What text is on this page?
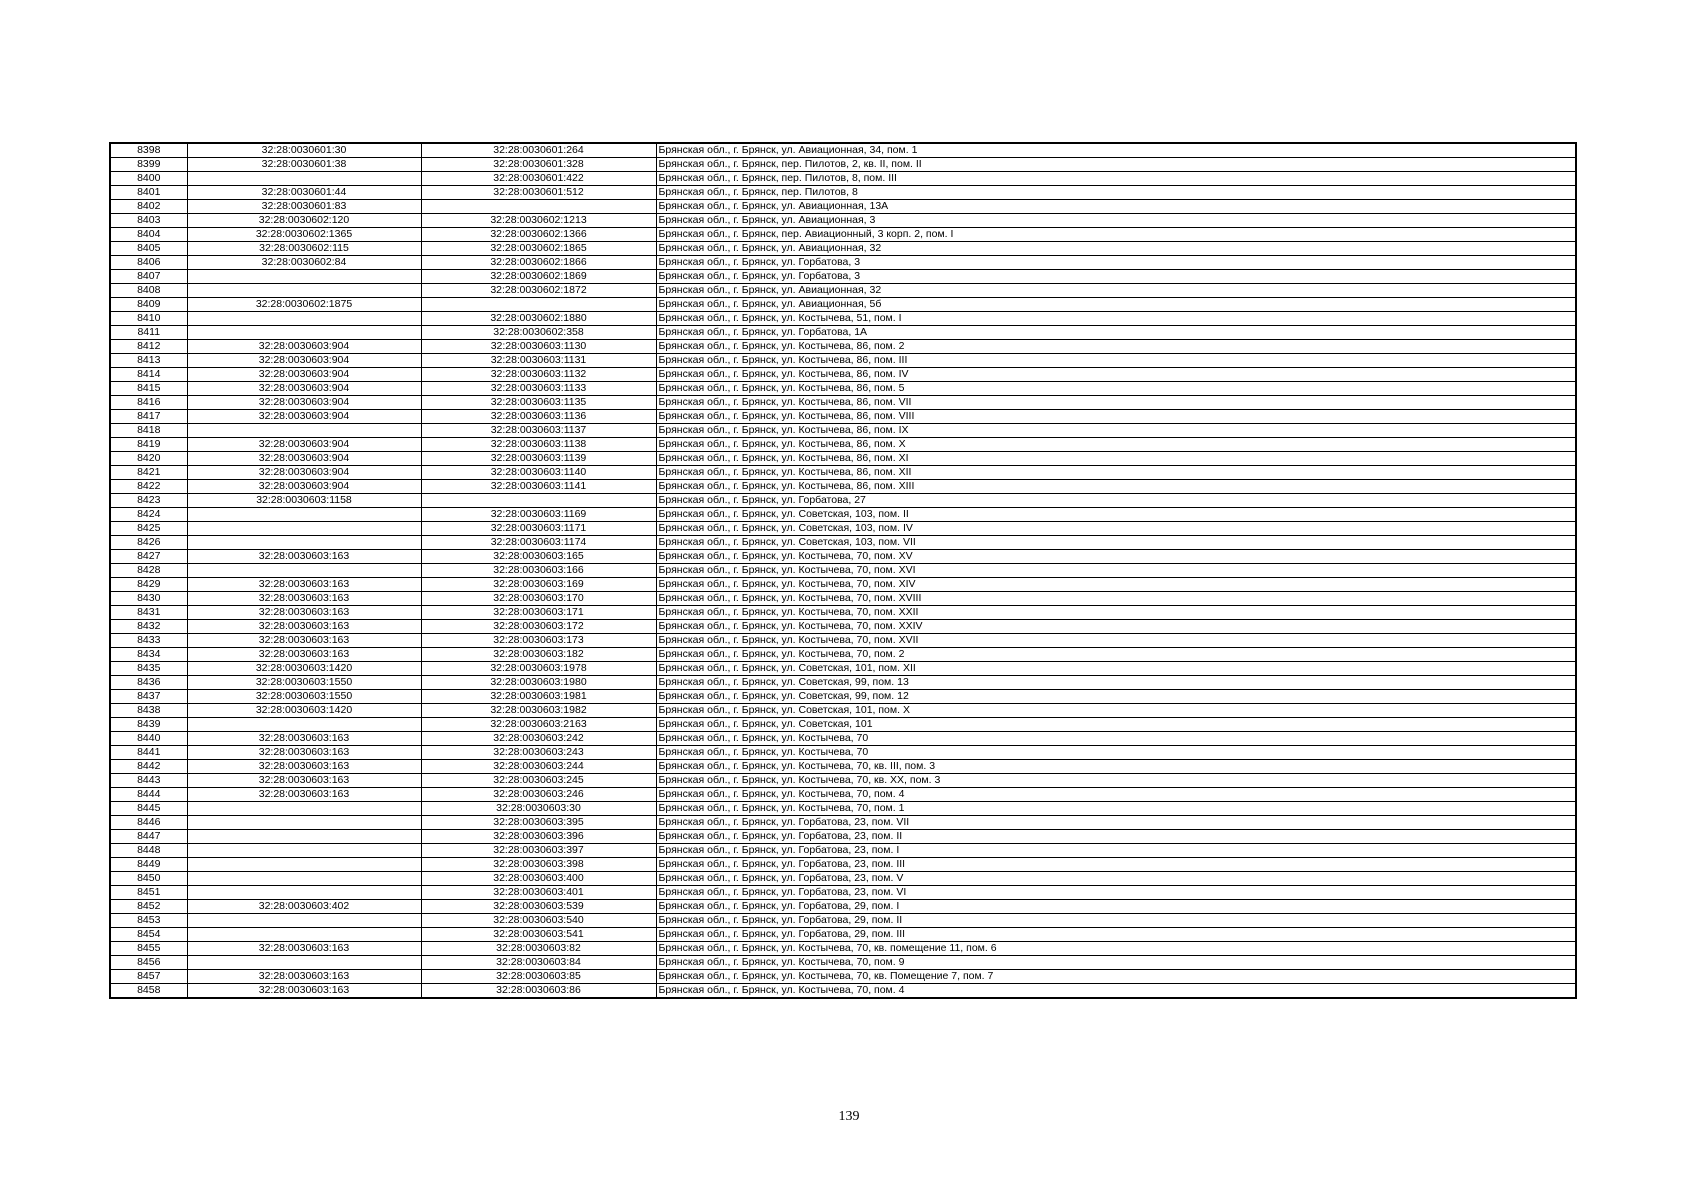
8398	32:28:0030601:30	32:28:0030601:264	Брянская обл., г. Брянск, ул. Авиационная, 34, пом. 1
8399	32:28:0030601:38	32:28:0030601:328	Брянская обл., г. Брянск, пер. Пилотов, 2, кв. II, пом. II
8400		32:28:0030601:422	Брянская обл., г. Брянск, пер. Пилотов, 8, пом. III
8401	32:28:0030601:44	32:28:0030601:512	Брянская обл., г. Брянск, пер. Пилотов, 8
8402	32:28:0030601:83		Брянская обл., г. Брянск, ул. Авиационная, 13А
8403	32:28:0030602:120	32:28:0030602:1213	Брянская обл., г. Брянск, ул. Авиационная, 3
8404	32:28:0030602:1365	32:28:0030602:1366	Брянская обл., г. Брянск, пер. Авиационный, 3 корп. 2, пом. I
8405	32:28:0030602:115	32:28:0030602:1865	Брянская обл., г. Брянск, ул. Авиационная, 32
8406	32:28:0030602:84	32:28:0030602:1866	Брянская обл., г. Брянск, ул. Горбатова, 3
8407		32:28:0030602:1869	Брянская обл., г. Брянск, ул. Горбатова, 3
8408		32:28:0030602:1872	Брянская обл., г. Брянск, ул. Авиационная, 32
8409	32:28:0030602:1875		Брянская обл., г. Брянск, ул. Авиационная, 5б
8410		32:28:0030602:1880	Брянская обл., г. Брянск, ул. Костычева, 51, пом. I
8411		32:28:0030602:358	Брянская обл., г. Брянск, ул. Горбатова, 1А
8412	32:28:0030603:904	32:28:0030603:1130	Брянская обл., г. Брянск, ул. Костычева, 86, пом. 2
8413	32:28:0030603:904	32:28:0030603:1131	Брянская обл., г. Брянск, ул. Костычева, 86, пом. III
8414	32:28:0030603:904	32:28:0030603:1132	Брянская обл., г. Брянск, ул. Костычева, 86, пом. IV
8415	32:28:0030603:904	32:28:0030603:1133	Брянская обл., г. Брянск, ул. Костычева, 86, пом. 5
8416	32:28:0030603:904	32:28:0030603:1135	Брянская обл., г. Брянск, ул. Костычева, 86, пом. VII
8417	32:28:0030603:904	32:28:0030603:1136	Брянская обл., г. Брянск, ул. Костычева, 86, пом. VIII
8418		32:28:0030603:1137	Брянская обл., г. Брянск, ул. Костычева, 86, пом. IX
8419	32:28:0030603:904	32:28:0030603:1138	Брянская обл., г. Брянск, ул. Костычева, 86, пом. X
8420	32:28:0030603:904	32:28:0030603:1139	Брянская обл., г. Брянск, ул. Костычева, 86, пом. XI
8421	32:28:0030603:904	32:28:0030603:1140	Брянская обл., г. Брянск, ул. Костычева, 86, пом. XII
8422	32:28:0030603:904	32:28:0030603:1141	Брянская обл., г. Брянск, ул. Костычева, 86, пом. XIII
8423	32:28:0030603:1158		Брянская обл., г. Брянск, ул. Горбатова, 27
8424		32:28:0030603:1169	Брянская обл., г. Брянск, ул. Советская, 103, пом. II
8425		32:28:0030603:1171	Брянская обл., г. Брянск, ул. Советская, 103, пом. IV
8426		32:28:0030603:1174	Брянская обл., г. Брянск, ул. Советская, 103, пом. VII
8427	32:28:0030603:163	32:28:0030603:165	Брянская обл., г. Брянск, ул. Костычева, 70, пом. XV
8428		32:28:0030603:166	Брянская обл., г. Брянск, ул. Костычева, 70, пом. XVI
8429	32:28:0030603:163	32:28:0030603:169	Брянская обл., г. Брянск, ул. Костычева, 70, пом. XIV
8430	32:28:0030603:163	32:28:0030603:170	Брянская обл., г. Брянск, ул. Костычева, 70, пом. XVIII
8431	32:28:0030603:163	32:28:0030603:171	Брянская обл., г. Брянск, ул. Костычева, 70, пом. XXII
8432	32:28:0030603:163	32:28:0030603:172	Брянская обл., г. Брянск, ул. Костычева, 70, пом. XXIV
8433	32:28:0030603:163	32:28:0030603:173	Брянская обл., г. Брянск, ул. Костычева, 70, пом. XVII
8434	32:28:0030603:163	32:28:0030603:182	Брянская обл., г. Брянск, ул. Костычева, 70, пом. 2
8435	32:28:0030603:1420	32:28:0030603:1978	Брянская обл., г. Брянск, ул. Советская, 101, пом. XII
8436	32:28:0030603:1550	32:28:0030603:1980	Брянская обл., г. Брянск, ул. Советская, 99, пом. 13
8437	32:28:0030603:1550	32:28:0030603:1981	Брянская обл., г. Брянск, ул. Советская, 99, пом. 12
8438	32:28:0030603:1420	32:28:0030603:1982	Брянская обл., г. Брянск, ул. Советская, 101, пом. X
8439		32:28:0030603:2163	Брянская обл., г. Брянск, ул. Советская, 101
8440	32:28:0030603:163	32:28:0030603:242	Брянская обл., г. Брянск, ул. Костычева, 70
8441	32:28:0030603:163	32:28:0030603:243	Брянская обл., г. Брянск, ул. Костычева, 70
8442	32:28:0030603:163	32:28:0030603:244	Брянская обл., г. Брянск, ул. Костычева, 70, кв. III, пом. 3
8443	32:28:0030603:163	32:28:0030603:245	Брянская обл., г. Брянск, ул. Костычева, 70, кв. XX, пом. 3
8444	32:28:0030603:163	32:28:0030603:246	Брянская обл., г. Брянск, ул. Костычева, 70, пом. 4
8445		32:28:0030603:30	Брянская обл., г. Брянск, ул. Костычева, 70, пом. 1
8446		32:28:0030603:395	Брянская обл., г. Брянск, ул. Горбатова, 23, пом. VII
8447		32:28:0030603:396	Брянская обл., г. Брянск, ул. Горбатова, 23, пом. II
8448		32:28:0030603:397	Брянская обл., г. Брянск, ул. Горбатова, 23, пом. I
8449		32:28:0030603:398	Брянская обл., г. Брянск, ул. Горбатова, 23, пом. III
8450		32:28:0030603:400	Брянская обл., г. Брянск, ул. Горбатова, 23, пом. V
8451		32:28:0030603:401	Брянская обл., г. Брянск, ул. Горбатова, 23, пом. VI
8452	32:28:0030603:402	32:28:0030603:539	Брянская обл., г. Брянск, ул. Горбатова, 29, пом. I
8453		32:28:0030603:540	Брянская обл., г. Брянск, ул. Горбатова, 29, пом. II
8454		32:28:0030603:541	Брянская обл., г. Брянск, ул. Горбатова, 29, пом. III
8455	32:28:0030603:163	32:28:0030603:82	Брянская обл., г. Брянск, ул. Костычева, 70, кв. помещение 11, пом. 6
8456		32:28:0030603:84	Брянская обл., г. Брянск, ул. Костычева, 70, пом. 9
8457	32:28:0030603:163	32:28:0030603:85	Брянская обл., г. Брянск, ул. Костычева, 70, кв. Помещение 7, пом. 7
8458	32:28:0030603:163	32:28:0030603:86	Брянская обл., г. Брянск, ул. Костычева, 70, пом. 4
139
